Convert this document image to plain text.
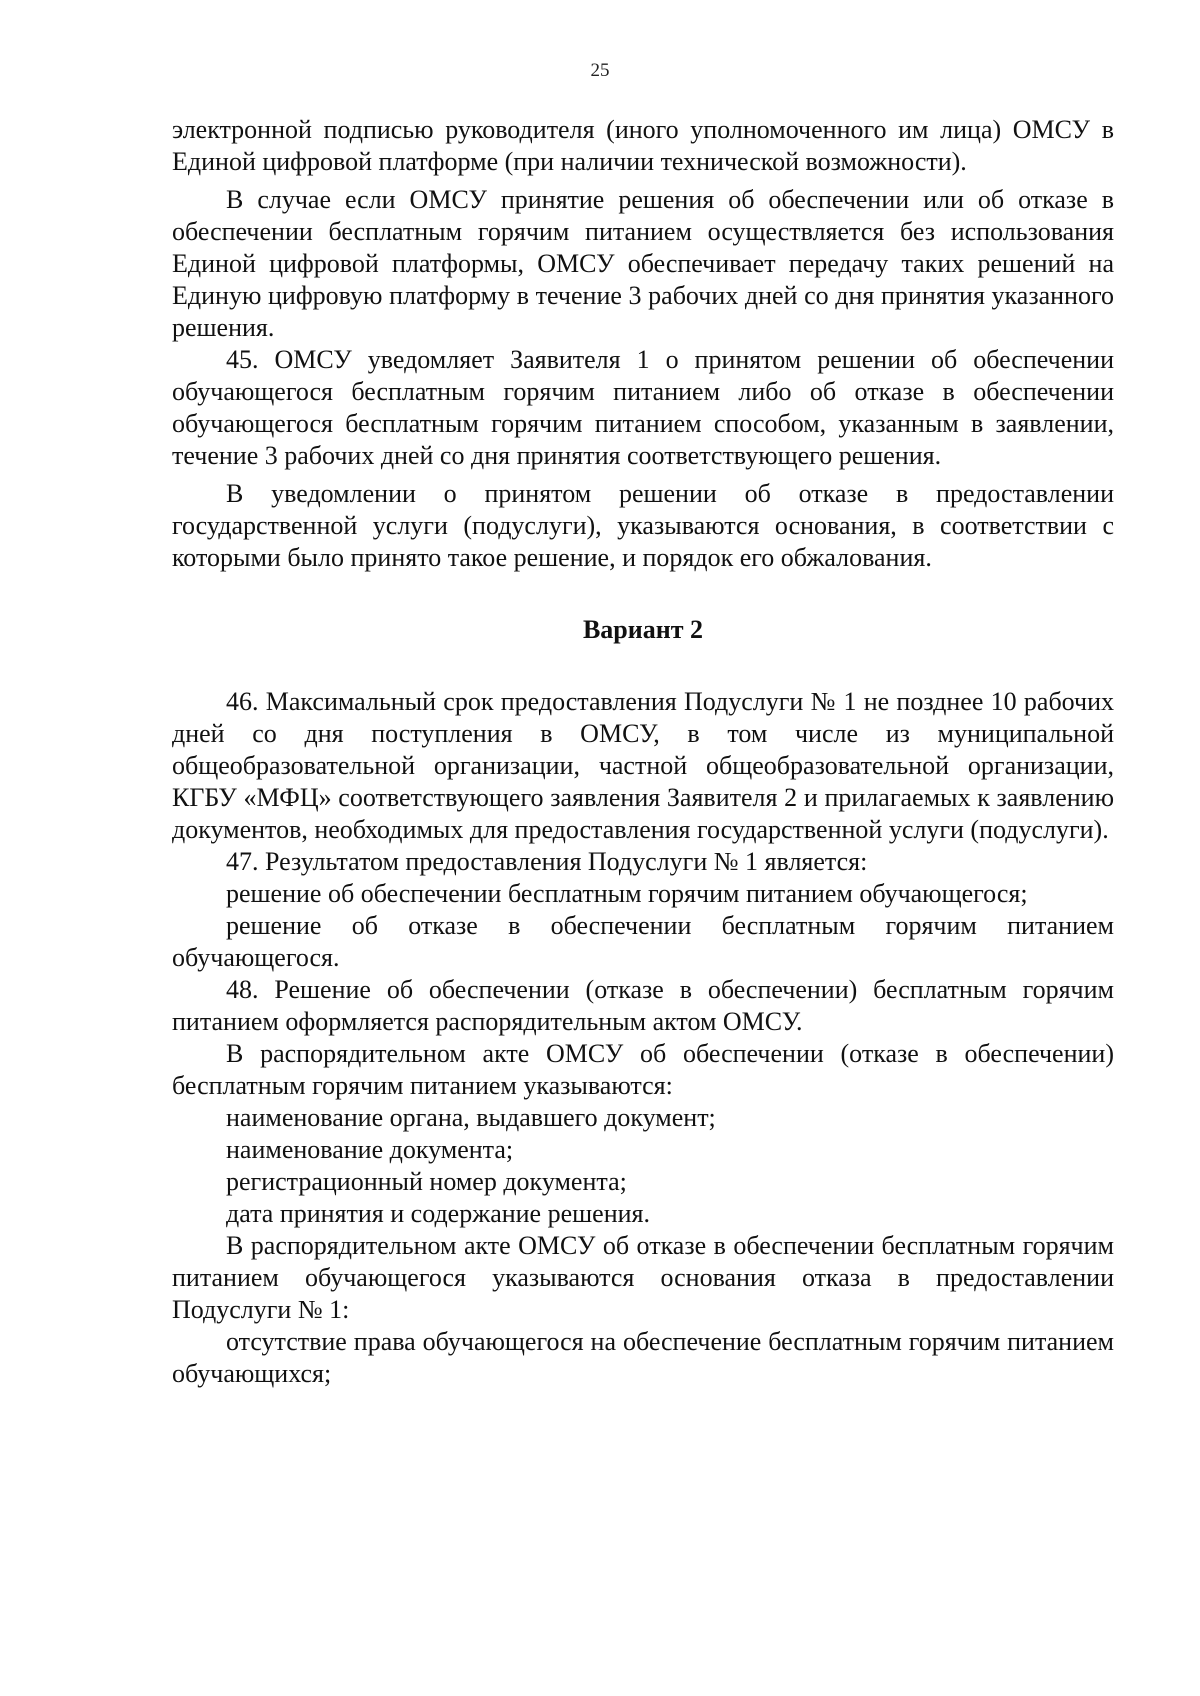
25

электронной подписью руководителя (иного уполномоченного им лица) ОМСУ в Единой цифровой платформе (при наличии технической возможности).

В случае если ОМСУ принятие решения об обеспечении или об отказе в обеспечении бесплатным горячим питанием осуществляется без использования Единой цифровой платформы, ОМСУ обеспечивает передачу таких решений на Единую цифровую платформу в течение 3 рабочих дней со дня принятия указанного решения.

45. ОМСУ уведомляет Заявителя 1 о принятом решении об обеспечении обучающегося бесплатным горячим питанием либо об отказе в обеспечении обучающегося бесплатным горячим питанием способом, указанным в заявлении, течение 3 рабочих дней со дня принятия соответствующего решения.

В уведомлении о принятом решении об отказе в предоставлении государственной услуги (подуслуги), указываются основания, в соответствии с которыми было принято такое решение, и порядок его обжалования.

Вариант 2

46. Максимальный срок предоставления Подуслуги № 1 не позднее 10 рабочих дней со дня поступления в ОМСУ, в том числе из муниципальной общеобразовательной организации, частной общеобразовательной организации, КГБУ «МФЦ» соответствующего заявления Заявителя 2 и прилагаемых к заявлению документов, необходимых для предоставления государственной услуги (подуслуги).

47. Результатом предоставления Подуслуги № 1 является:

решение об обеспечении бесплатным горячим питанием обучающегося;

решение об отказе в обеспечении бесплатным горячим питанием обучающегося.

48. Решение об обеспечении (отказе в обеспечении) бесплатным горячим питанием оформляется распорядительным актом ОМСУ.

В распорядительном акте ОМСУ об обеспечении (отказе в обеспечении) бесплатным горячим питанием указываются:

наименование органа, выдавшего документ;

наименование документа;

регистрационный номер документа;

дата принятия и содержание решения.

В распорядительном акте ОМСУ об отказе в обеспечении бесплатным горячим питанием обучающегося указываются основания отказа в предоставлении Подуслуги № 1:

отсутствие права обучающегося на обеспечение бесплатным горячим питанием обучающихся;
